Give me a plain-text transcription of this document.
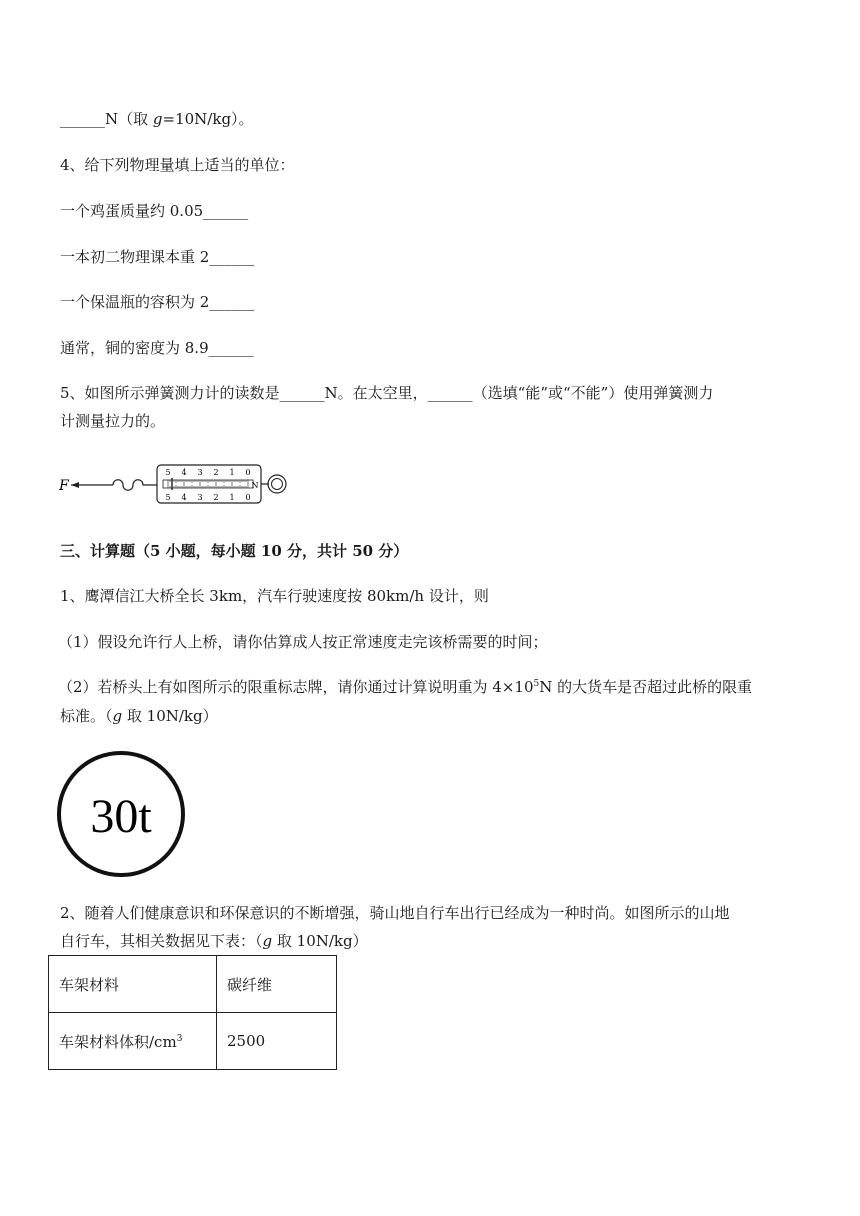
______N（取 g=10N/kg）。
4、给下列物理量填上适当的单位：
一个鸡蛋质量约 0.05______
一本初二物理课本重 2______
一个保温瓶的容积为 2______
通常，铜的密度为 8.9______
5、如图所示弹簧测力计的读数是______N。在太空里，______（选填“能”或“不能”）使用弹簧测力
计测量拉力的。
F
5 4 3 2 1 0
5 4 3 2 1 0
N
三、计算题（5 小题，每小题 10 分，共计 50 分）
1、鹰潭信江大桥全长 3km，汽车行驶速度按 80km/h 设计，则
（1）假设允许行人上桥，请你估算成人按正常速度走完该桥需要的时间；
（2）若桥头上有如图所示的限重标志牌，请你通过计算说明重为 $4\times 10^5N$ 的大货车是否超过此桥的限重
标准。（g 取 10N/kg）
30t
2、随着人们健康意识和环保意识的不断增强，骑山地自行车出行已经成为一种时尚。如图所示的山地
自行车，其相关数据见下表：（g 取 10N/kg）
车架材料	碳纤维
车架材料体积$/cm^3$	2500
